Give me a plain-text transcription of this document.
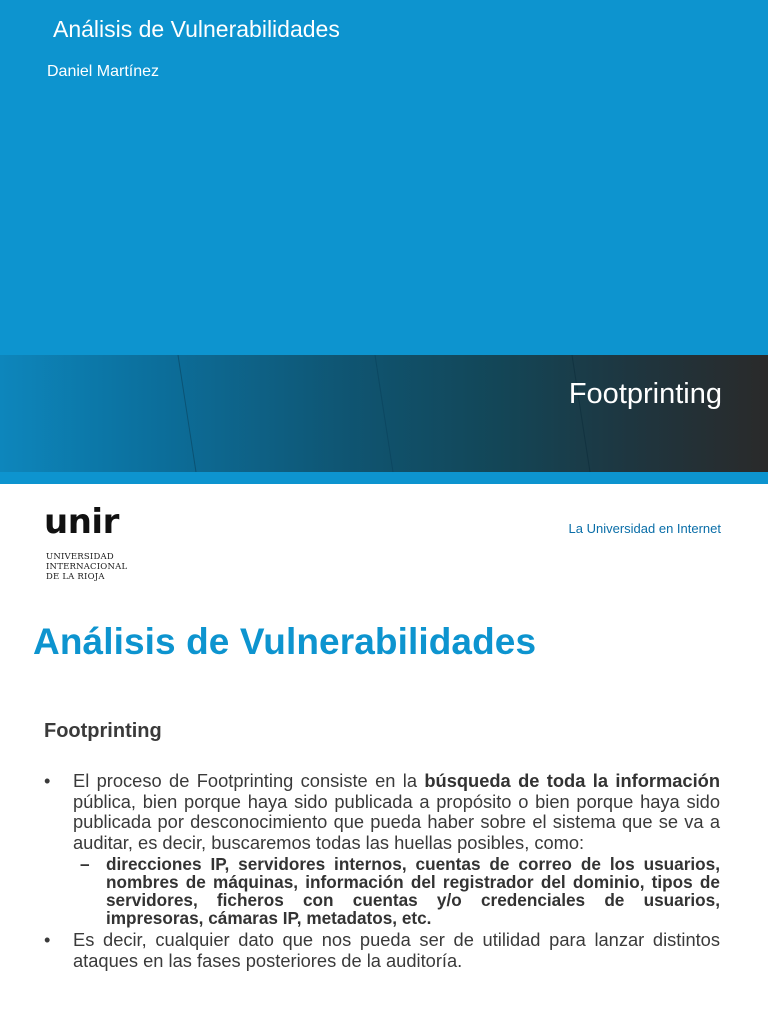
Análisis de Vulnerabilidades
Daniel Martínez
Footprinting
unir
UNIVERSIDAD
INTERNACIONAL
DE LA RIOJA
La Universidad en Internet
Análisis de Vulnerabilidades
Footprinting
• El proceso de Footprinting consiste en la búsqueda de toda la información pública, bien porque haya sido publicada a propósito o bien porque haya sido publicada por desconocimiento que pueda haber sobre el sistema que se va a auditar, es decir, buscaremos todas las huellas posibles, como:
– direcciones IP, servidores internos, cuentas de correo de los usuarios, nombres de máquinas, información del registrador del dominio, tipos de servidores, ficheros con cuentas y/o credenciales de usuarios, impresoras, cámaras IP, metadatos, etc.
• Es decir, cualquier dato que nos pueda ser de utilidad para lanzar distintos ataques en las fases posteriores de la auditoría.
